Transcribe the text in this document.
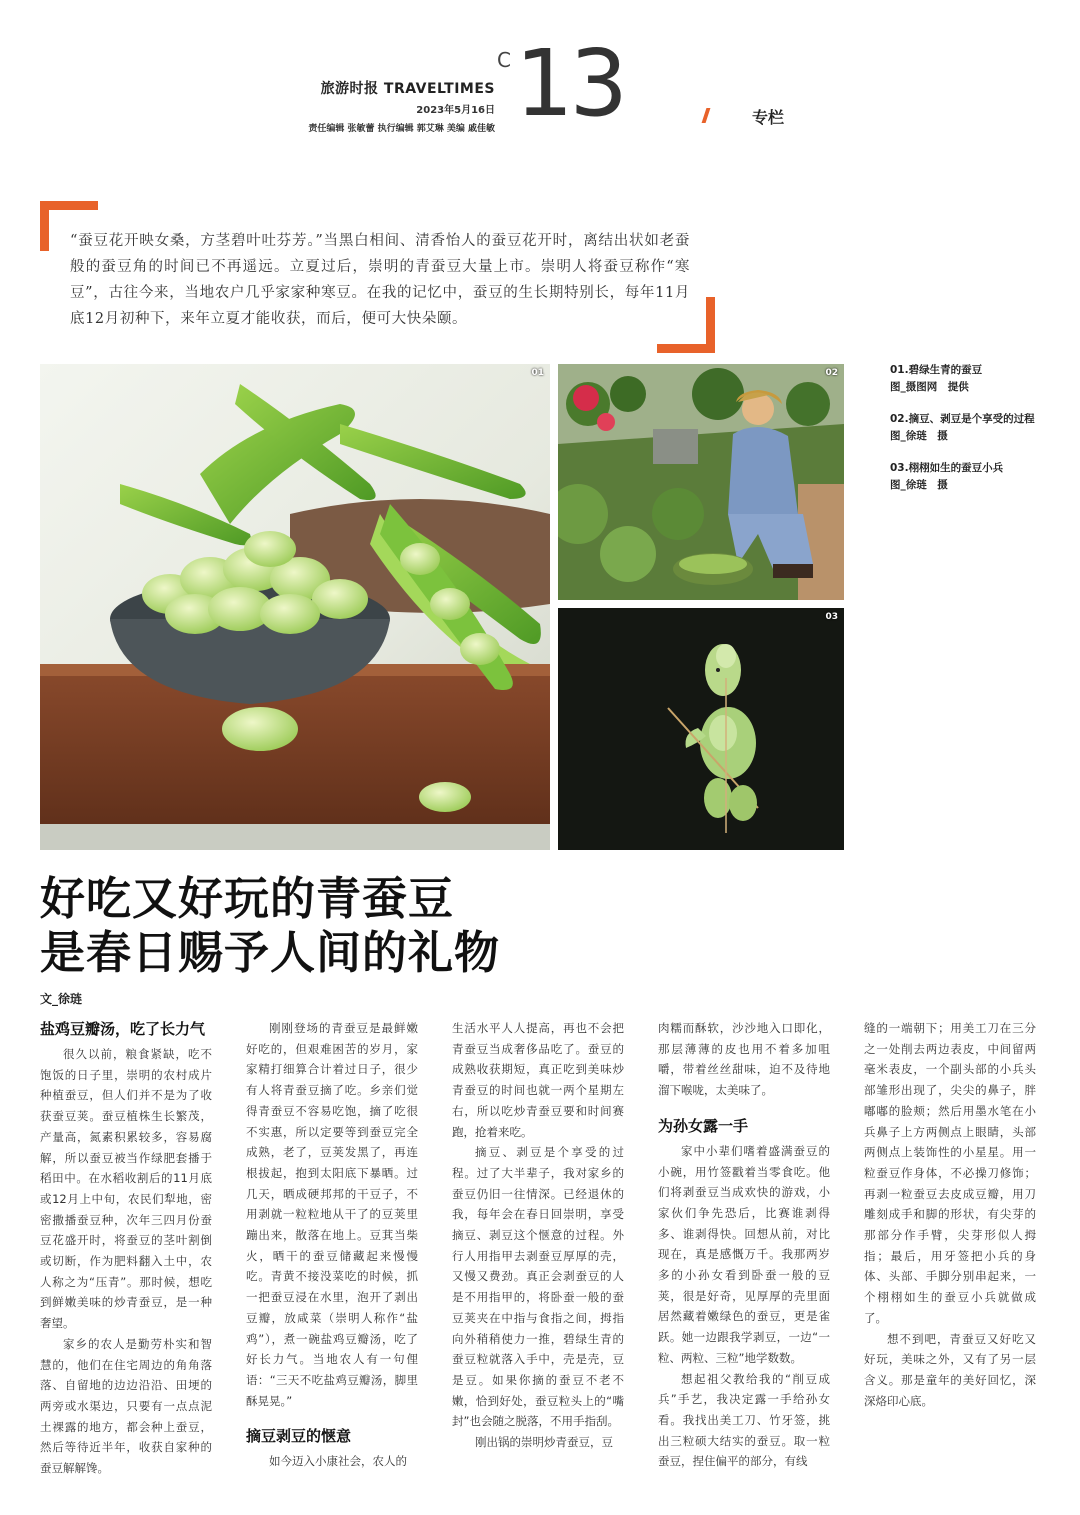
旅游时报 TRAVELTIMES
2023年5月16日
责任编辑 张敏蕾 执行编辑 郭艾琳 美编 戚佳敏
C 13	专栏
“蚕豆花开映女桑，方茎碧叶吐芬芳。”当黑白相间、清香怡人的蚕豆花开时，离结出状如老蚕般的蚕豆角的时间已不再遥远。立夏过后，崇明的青蚕豆大量上市。崇明人将蚕豆称作“寒豆”，古往今来，当地农户几乎家家种寒豆。在我的记忆中，蚕豆的生长期特别长，每年11月底12月初种下，来年立夏才能收获，而后，便可大快朵颐。
01	02
03
01.碧绿生青的蚕豆
图_摄图网　提供
02.摘豆、剥豆是个享受的过程
图_徐琏　摄
03.栩栩如生的蚕豆小兵
图_徐琏　摄
好吃又好玩的青蚕豆
是春日赐予人间的礼物
文_徐琏
盐鸡豆瓣汤，吃了长力气

很久以前，粮食紧缺，吃不饱饭的日子里，崇明的农村成片种植蚕豆，但人们并不是为了收获蚕豆荚。蚕豆植株生长繁茂，产量高，氮素积累较多，容易腐解，所以蚕豆被当作绿肥套播于稻田中。在水稻收割后的11月底或12月上中旬，农民们犁地，密密撒播蚕豆种，次年三四月份蚕豆花盛开时，将蚕豆的茎叶割倒或切断，作为肥料翻入土中，农人称之为“压青”。那时候，想吃到鲜嫩美味的炒青蚕豆，是一种奢望。

家乡的农人是勤劳朴实和智慧的，他们在住宅周边的角角落落、自留地的边边沿沿、田埂的两旁或水渠边，只要有一点点泥土裸露的地方，都会种上蚕豆，然后等待近半年，收获自家种的蚕豆解解馋。

刚刚登场的青蚕豆是最鲜嫩好吃的，但艰难困苦的岁月，家家精打细算合计着过日子，很少有人将青蚕豆摘了吃。乡亲们觉得青蚕豆不容易吃饱，摘了吃很不实惠，所以定要等到蚕豆完全成熟，老了，豆荚发黑了，再连根拔起，抱到太阳底下暴晒。过几天，晒成硬邦邦的干豆子，不用剥就一粒粒地从干了的豆荚里蹦出来，散落在地上。豆萁当柴火，晒干的蚕豆储藏起来慢慢吃。青黄不接没菜吃的时候，抓一把蚕豆浸在水里，泡开了剥出豆瓣，放咸菜（崇明人称作“盐鸡”），煮一碗盐鸡豆瓣汤，吃了好长力气。当地农人有一句俚语：“三天不吃盐鸡豆瓣汤，脚里酥晃晃。”

摘豆剥豆的惬意

如今迈入小康社会，农人的

生活水平人人提高，再也不会把青蚕豆当成奢侈品吃了。蚕豆的成熟收获期短，真正吃到美味炒青蚕豆的时间也就一两个星期左右，所以吃炒青蚕豆要和时间赛跑，抢着来吃。

摘豆、剥豆是个享受的过程。过了大半辈子，我对家乡的蚕豆仍旧一往情深。已经退休的我，每年会在春日回崇明，享受摘豆、剥豆这个惬意的过程。外行人用指甲去剥蚕豆厚厚的壳，又慢又费劲。真正会剥蚕豆的人是不用指甲的，将卧蚕一般的蚕豆荚夹在中指与食指之间，拇指向外稍稍使力一推，碧绿生青的蚕豆粒就落入手中，壳是壳，豆是豆。如果你摘的蚕豆不老不嫩，恰到好处，蚕豆粒头上的“嘴封”也会随之脱落，不用手指刮。

刚出锅的崇明炒青蚕豆，豆

肉糯而酥软，沙沙地入口即化，那层薄薄的皮也用不着多加咀嚼，带着丝丝甜味，迫不及待地溜下喉咙，太美味了。

为孙女露一手

家中小辈们嗜着盛满蚕豆的小碗，用竹签戳着当零食吃。他们将剥蚕豆当成欢快的游戏，小家伙们争先恐后，比赛谁剥得多、谁剥得快。回想从前，对比现在，真是感慨万千。我那两岁多的小孙女看到卧蚕一般的豆荚，很是好奇，见厚厚的壳里面居然藏着嫩绿色的蚕豆，更是雀跃。她一边跟我学剥豆，一边“一粒、两粒、三粒”地学数数。

想起祖父教给我的“削豆成兵”手艺，我决定露一手给孙女看。我找出美工刀、竹牙签，挑出三粒硕大结实的蚕豆。取一粒蚕豆，捏住偏平的部分，有线

缝的一端朝下；用美工刀在三分之一处削去两边表皮，中间留两毫米表皮，一个副头部的小兵头部雏形出现了，尖尖的鼻子，胖嘟嘟的脸颊；然后用墨水笔在小兵鼻子上方两侧点上眼睛，头部两侧点上装饰性的小星星。用一粒蚕豆作身体，不必操刀修饰；再剥一粒蚕豆去皮成豆瓣，用刀雕刻成手和脚的形状，有尖芽的那部分作手臂，尖芽形似人拇指；最后，用牙签把小兵的身体、头部、手脚分别串起来，一个栩栩如生的蚕豆小兵就做成了。

想不到吧，青蚕豆又好吃又好玩，美味之外，又有了另一层含义。那是童年的美好回忆，深深烙印心底。
